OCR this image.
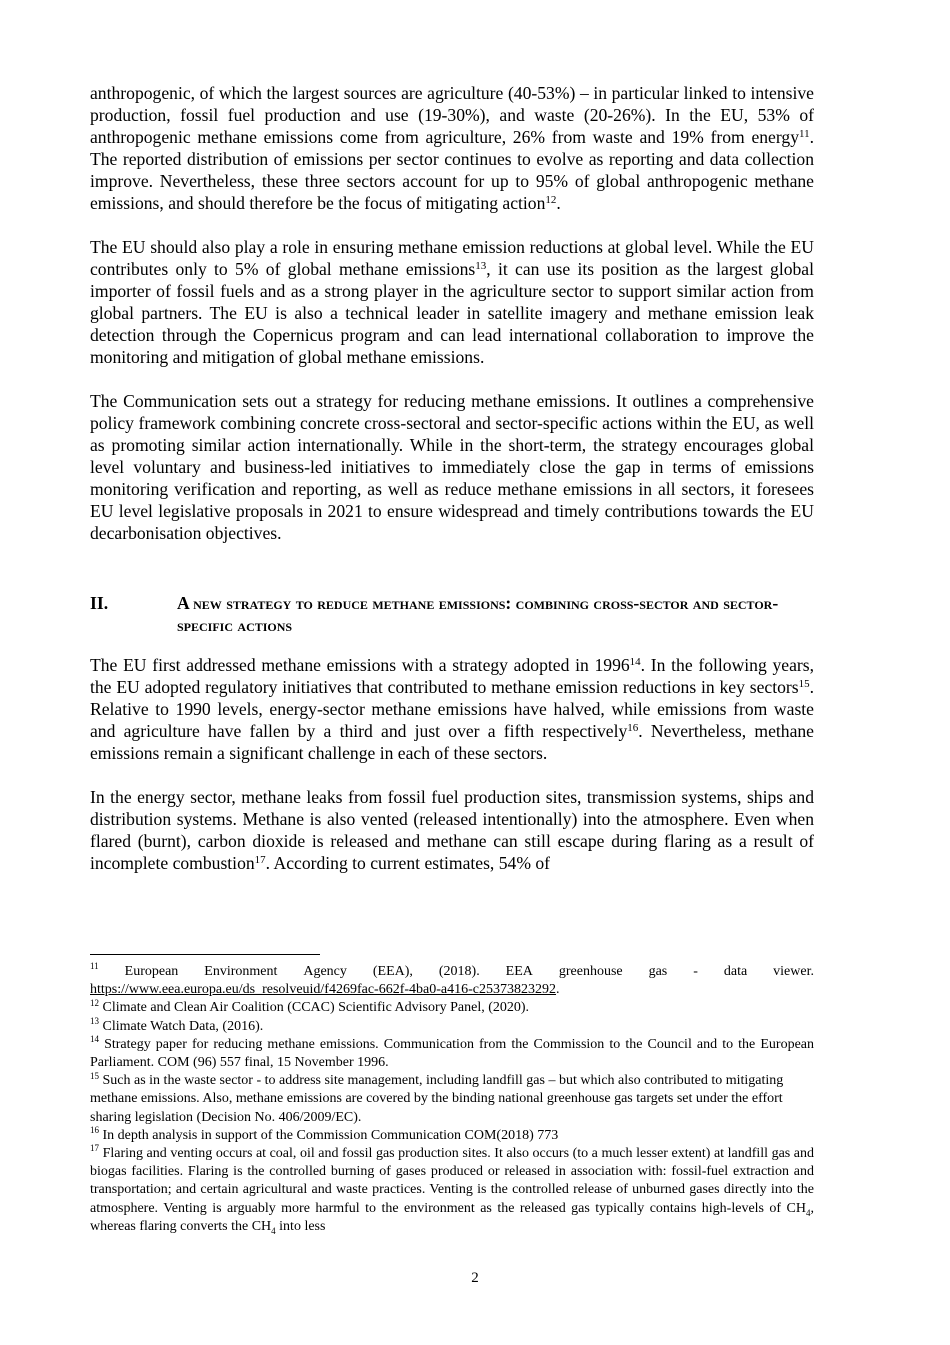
anthropogenic, of which the largest sources are agriculture (40-53%) – in particular linked to intensive production, fossil fuel production and use (19-30%), and waste (20-26%). In the EU, 53% of anthropogenic methane emissions come from agriculture, 26% from waste and 19% from energy$^{11}$. The reported distribution of emissions per sector continues to evolve as reporting and data collection improve. Nevertheless, these three sectors account for up to 95% of global anthropogenic methane emissions, and should therefore be the focus of mitigating action$^{12}$.

The EU should also play a role in ensuring methane emission reductions at global level. While the EU contributes only to 5% of global methane emissions$^{13}$, it can use its position as the largest global importer of fossil fuels and as a strong player in the agriculture sector to support similar action from global partners. The EU is also a technical leader in satellite imagery and methane emission leak detection through the Copernicus program and can lead international collaboration to improve the monitoring and mitigation of global methane emissions.

The Communication sets out a strategy for reducing methane emissions. It outlines a comprehensive policy framework combining concrete cross-sectoral and sector-specific actions within the EU, as well as promoting similar action internationally. While in the short-term, the strategy encourages global level voluntary and business-led initiatives to immediately close the gap in terms of emissions monitoring verification and reporting, as well as reduce methane emissions in all sectors, it foresees EU level legislative proposals in 2021 to ensure widespread and timely contributions towards the EU decarbonisation objectives.

II.	A new strategy to reduce methane emissions: combining cross-sector and sector-specific actions

The EU first addressed methane emissions with a strategy adopted in 1996$^{14}$. In the following years, the EU adopted regulatory initiatives that contributed to methane emission reductions in key sectors$^{15}$. Relative to 1990 levels, energy-sector methane emissions have halved, while emissions from waste and agriculture have fallen by a third and just over a fifth respectively$^{16}$. Nevertheless, methane emissions remain a significant challenge in each of these sectors.

In the energy sector, methane leaks from fossil fuel production sites, transmission systems, ships and distribution systems. Methane is also vented (released intentionally) into the atmosphere. Even when flared (burnt), carbon dioxide is released and methane can still escape during flaring as a result of incomplete combustion$^{17}$. According to current estimates, 54% of

$^{11}$ European Environment Agency (EEA), (2018). EEA greenhouse gas - data viewer.
https://www.eea.europa.eu/ds_resolveuid/f4269fac-662f-4ba0-a416-c25373823292.

$^{12}$ Climate and Clean Air Coalition (CCAC) Scientific Advisory Panel, (2020).

$^{13}$ Climate Watch Data, (2016).

$^{14}$ Strategy paper for reducing methane emissions. Communication from the Commission to the Council and to the European Parliament. COM (96) 557 final, 15 November 1996.

$^{15}$ Such as in the waste sector - to address site management, including landfill gas – but which also contributed to mitigating methane emissions. Also, methane emissions are covered by the binding national greenhouse gas targets set under the effort sharing legislation (Decision No. 406/2009/EC).

$^{16}$ In depth analysis in support of the Commission Communication COM(2018) 773

$^{17}$ Flaring and venting occurs at coal, oil and fossil gas production sites. It also occurs (to a much lesser extent) at landfill gas and biogas facilities. Flaring is the controlled burning of gases produced or released in association with: fossil-fuel extraction and transportation; and certain agricultural and waste practices. Venting is the controlled release of unburned gases directly into the atmosphere. Venting is arguably more harmful to the environment as the released gas typically contains high-levels of $CH_4$, whereas flaring converts the $CH_4$ into less

2
